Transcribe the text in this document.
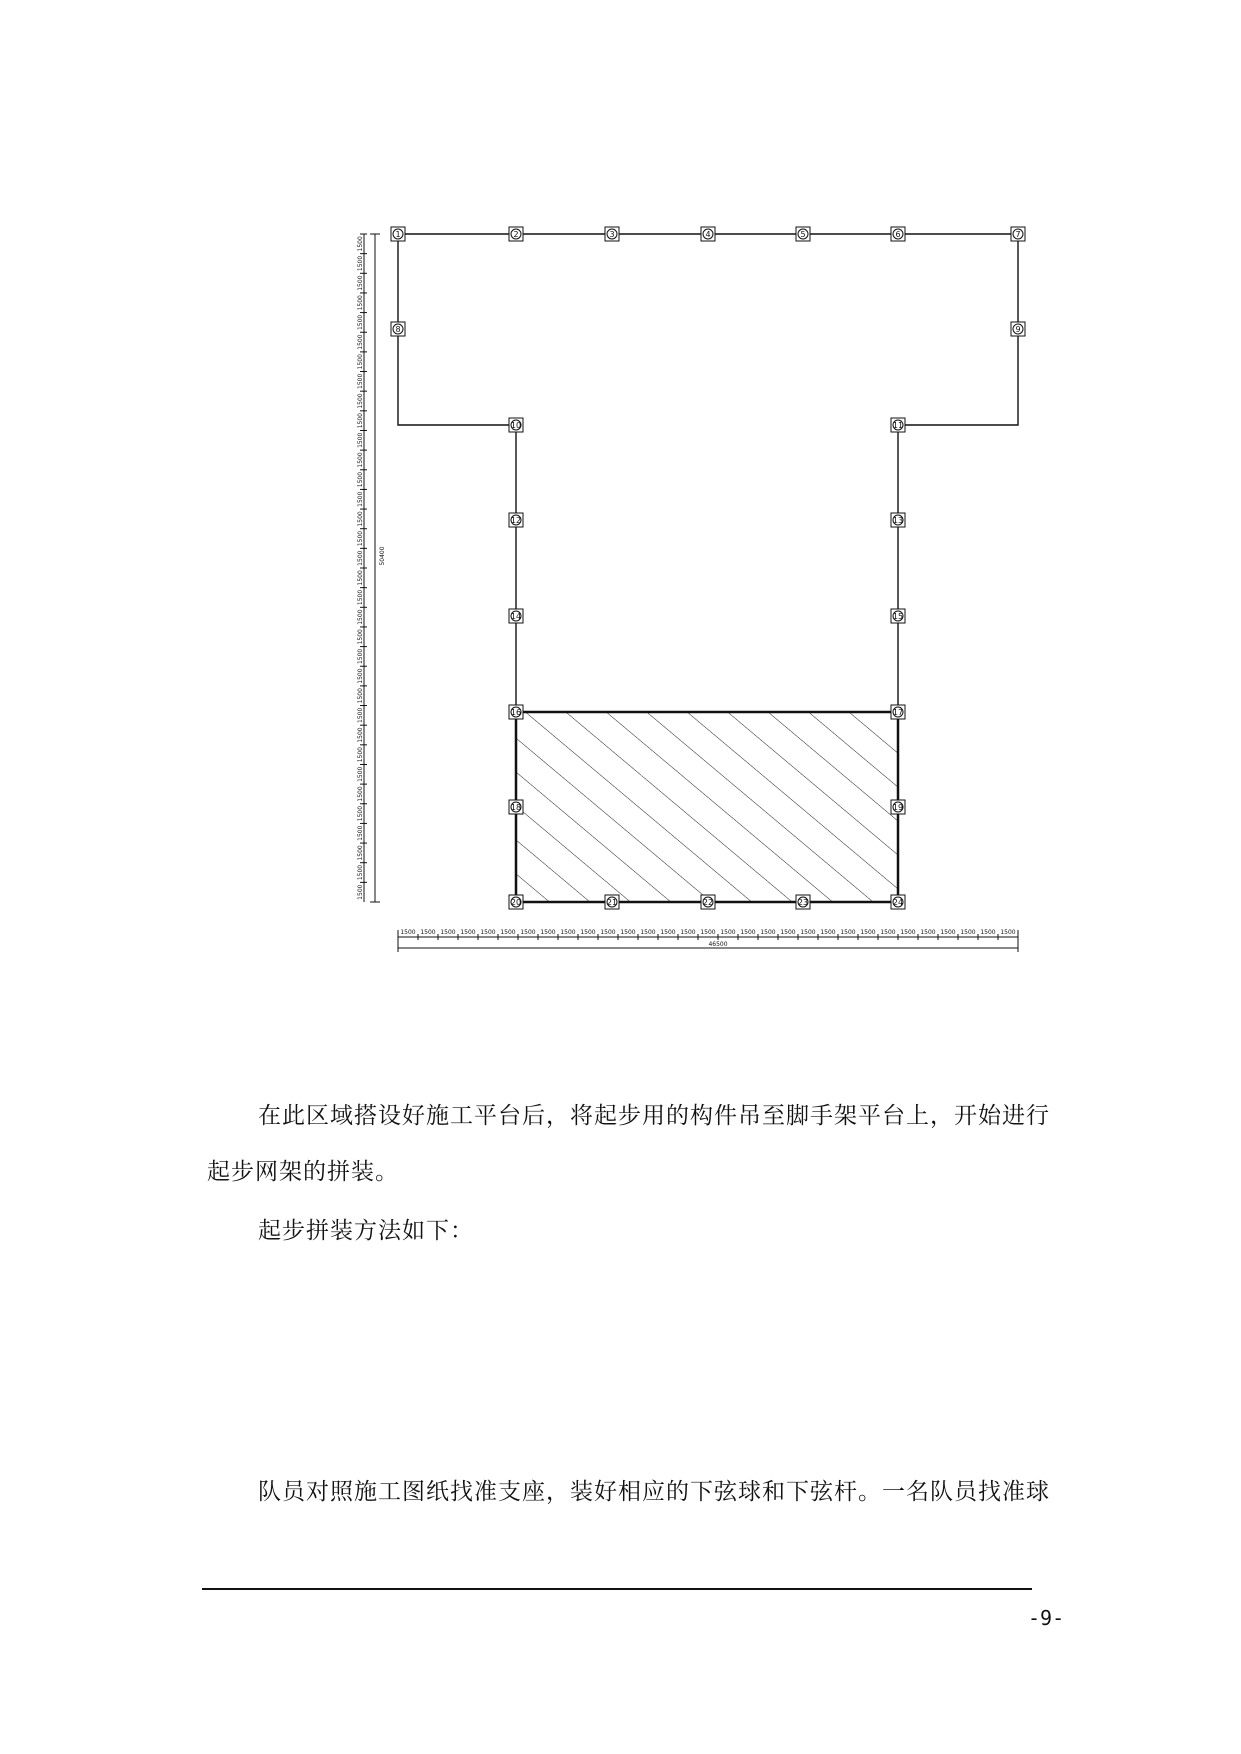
1500
1500
1500
1500
1500
1500
1500
1500
1500
1500
1500
1500
1500
1500
1500
1500
1500
1500
1500
1500
1500
1500
1500
1500
1500
1500
1500
1500
1500
1500
1500
1500
1500
1500
50400
1500 1500 1500 1500 1500 1500 1500 1500 1500 1500 1500 1500 1500 1500 1500 1500 1500 1500 1500 1500 1500 1500 1500 1500 1500 1500 1500 1500 1500 1500 1500
46500
1	2	3	4	5	6	7
8	9
10	11
12	13
14	15
16	17
18	19
20	21	22	23	24
在此区域搭设好施工平台后，将起步用的构件吊至脚手架平台上，开始进行
起步网架的拼装。
起步拼装方法如下：
队员对照施工图纸找准支座，装好相应的下弦球和下弦杆。一名队员找准球
-9-
